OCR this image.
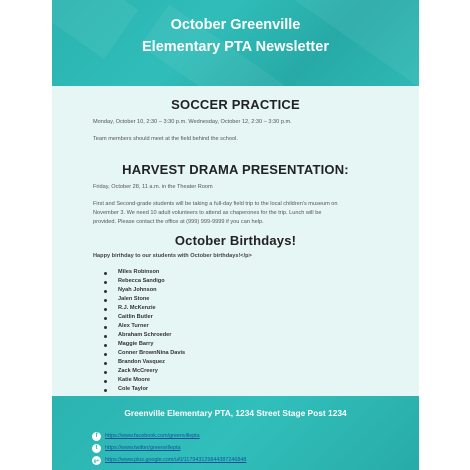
October Greenville
Elementary PTA Newsletter
SOCCER PRACTICE
Monday, October 10, 2:30 – 3:30 p.m. Wednesday, October 12, 2:30 – 3:30 p.m.
Team members should meet at the field behind the school.
HARVEST DRAMA PRESENTATION:
Friday, October 28, 11 a.m. in the Theater Room
First and Second-grade students will be taking a full-day field trip to the local children's museum on
November 3. We need 10 adult volunteers to attend as chaperones for the trip. Lunch will be
provided. Please contact the office at (999) 999-9999 if you can help.
October Birthdays!
Happy birthday to our students with October birthdays!</p>
Miles Robinson
Rebecca Sandigo
Nyah Johnson
Jalen Stone
R.J. McKenzie
Caitlin Butler
Alex Turner
Abraham Schroeder
Maggie Barry
Conner BrownNina Davis
Brandon Vasquez
Zack McCreery
Katie Moore
Cole Taylor
Greenville Elementary PTA, 1234 Street Stage Post 1234
f	https://www.facebook.com/greenvillepta
t	https://www.twitter/greenvillepta
g+	https://www.plus.google.com/u/0/117943129844387246848
